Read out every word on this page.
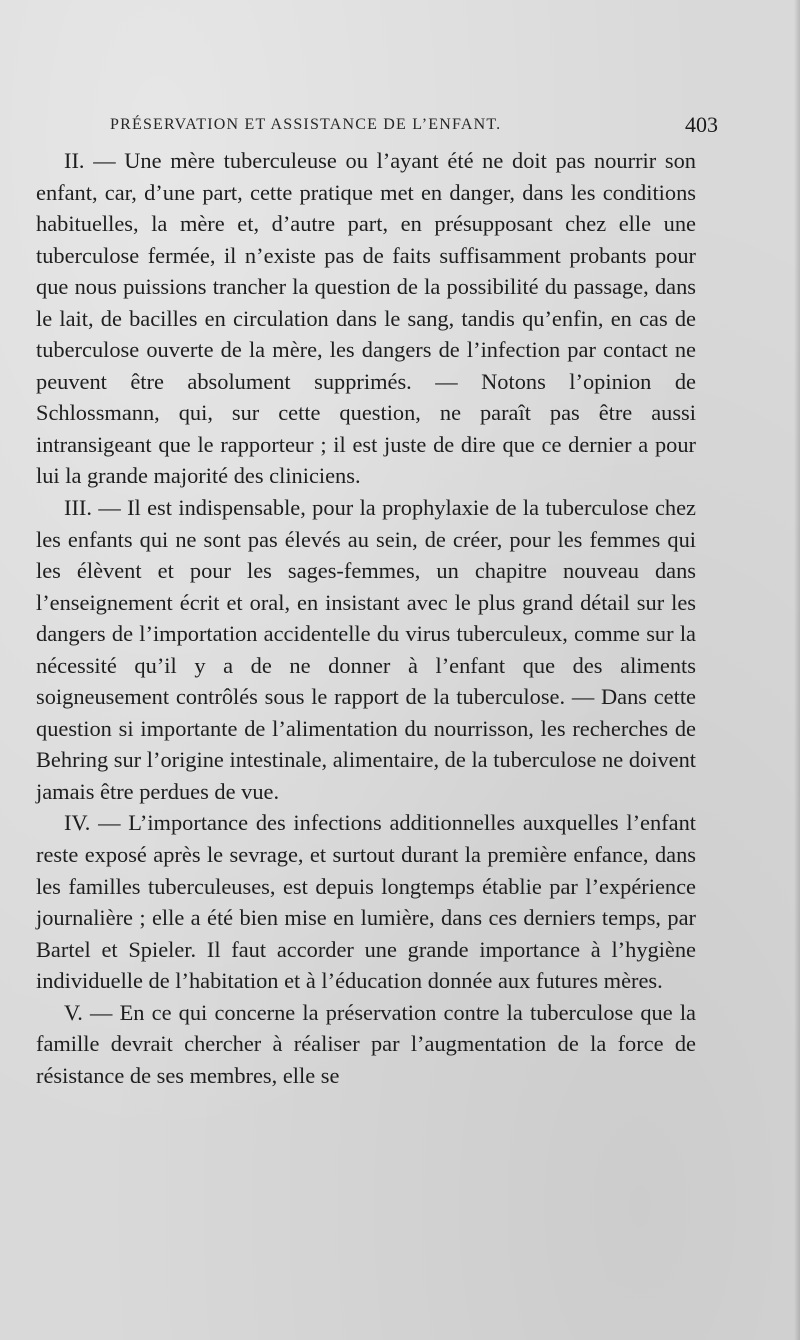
PRÉSERVATION ET ASSISTANCE DE L’ENFANT.	403

II. — Une mère tuberculeuse ou l’ayant été ne doit pas nourrir son enfant, car, d’une part, cette pratique met en danger, dans les conditions habituelles, la mère et, d’autre part, en présupposant chez elle une tuberculose fermée, il n’existe pas de faits suffisamment probants pour que nous puissions trancher la question de la possibilité du passage, dans le lait, de bacilles en circulation dans le sang, tandis qu’enfin, en cas de tuberculose ouverte de la mère, les dangers de l’infection par contact ne peuvent être absolument supprimés. — Notons l’opinion de Schlossmann, qui, sur cette question, ne paraît pas être aussi intransigeant que le rapporteur ; il est juste de dire que ce dernier a pour lui la grande majorité des cliniciens.

III. — Il est indispensable, pour la prophylaxie de la tuberculose chez les enfants qui ne sont pas élevés au sein, de créer, pour les femmes qui les élèvent et pour les sages-femmes, un chapitre nouveau dans l’enseignement écrit et oral, en insistant avec le plus grand détail sur les dangers de l’importation accidentelle du virus tuberculeux, comme sur la nécessité qu’il y a de ne donner à l’enfant que des aliments soigneusement contrôlés sous le rapport de la tuberculose. — Dans cette question si importante de l’alimentation du nourrisson, les recherches de Behring sur l’origine intestinale, alimentaire, de la tuberculose ne doivent jamais être perdues de vue.

IV. — L’importance des infections additionnelles auxquelles l’enfant reste exposé après le sevrage, et surtout durant la première enfance, dans les familles tuberculeuses, est depuis longtemps établie par l’expérience journalière ; elle a été bien mise en lumière, dans ces derniers temps, par Bartel et Spieler. Il faut accorder une grande importance à l’hygiène individuelle de l’habitation et à l’éducation donnée aux futures mères.

V. — En ce qui concerne la préservation contre la tuberculose que la famille devrait chercher à réaliser par l’augmentation de la force de résistance de ses membres, elle se
